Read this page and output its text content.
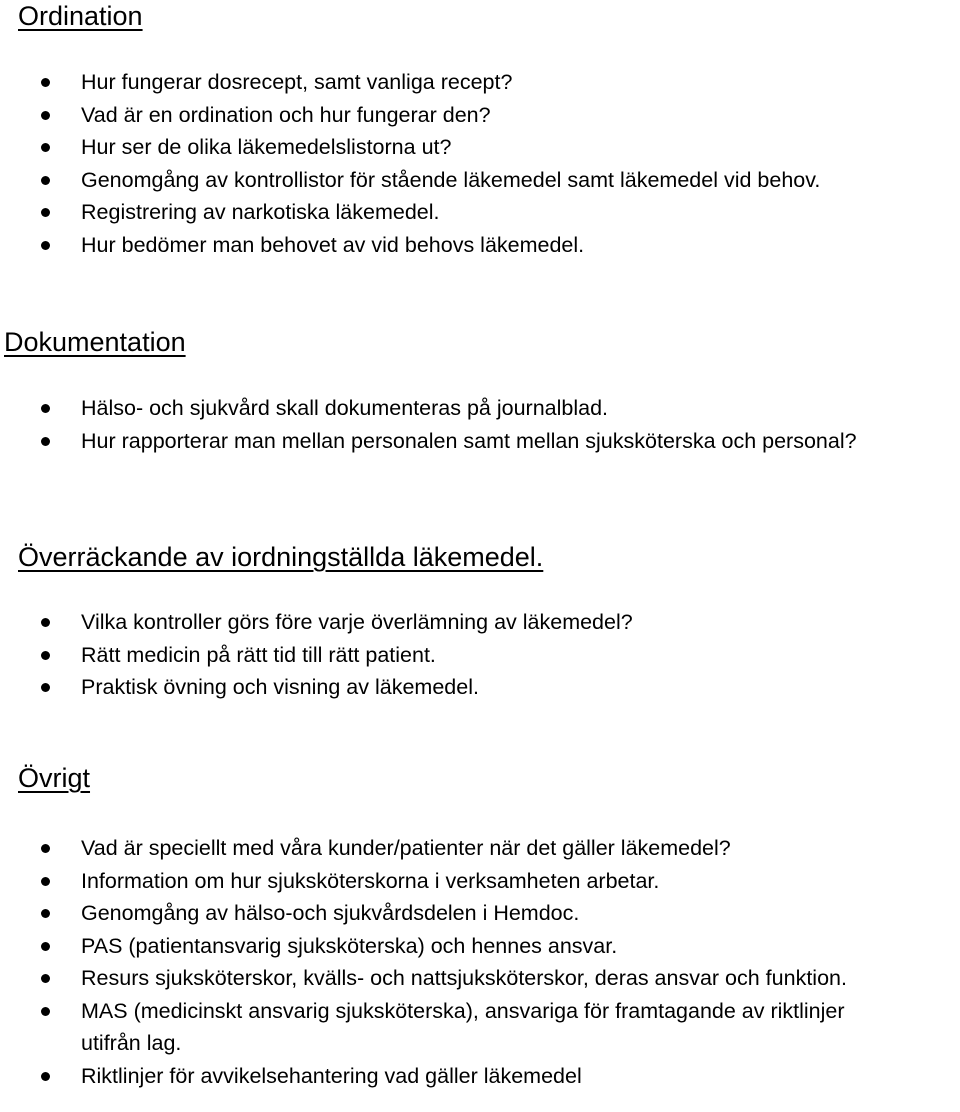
Ordination
Hur fungerar dosrecept, samt vanliga recept?
Vad är en ordination och hur fungerar den?
Hur ser de olika läkemedelslistorna ut?
Genomgång av kontrollistor för stående läkemedel samt läkemedel vid behov.
Registrering av narkotiska läkemedel.
Hur bedömer man behovet av vid behovs läkemedel.
Dokumentation
Hälso- och sjukvård skall dokumenteras på journalblad.
Hur rapporterar man mellan personalen samt mellan sjuksköterska och personal?
Överräckande av iordningställda läkemedel.
Vilka kontroller görs före varje överlämning av läkemedel?
Rätt medicin på rätt tid till rätt patient.
Praktisk övning och visning av läkemedel.
Övrigt
Vad är speciellt med våra kunder/patienter när det gäller läkemedel?
Information om hur sjuksköterskorna i verksamheten arbetar.
Genomgång av hälso-och sjukvårdsdelen i Hemdoc.
PAS (patientansvarig sjuksköterska) och hennes ansvar.
Resurs sjuksköterskor, kvälls- och nattsjuksköterskor, deras ansvar och funktion.
MAS (medicinskt ansvarig sjuksköterska), ansvariga för framtagande av riktlinjer utifrån lag.
Riktlinjer för avvikelsehantering vad gäller läkemedel
